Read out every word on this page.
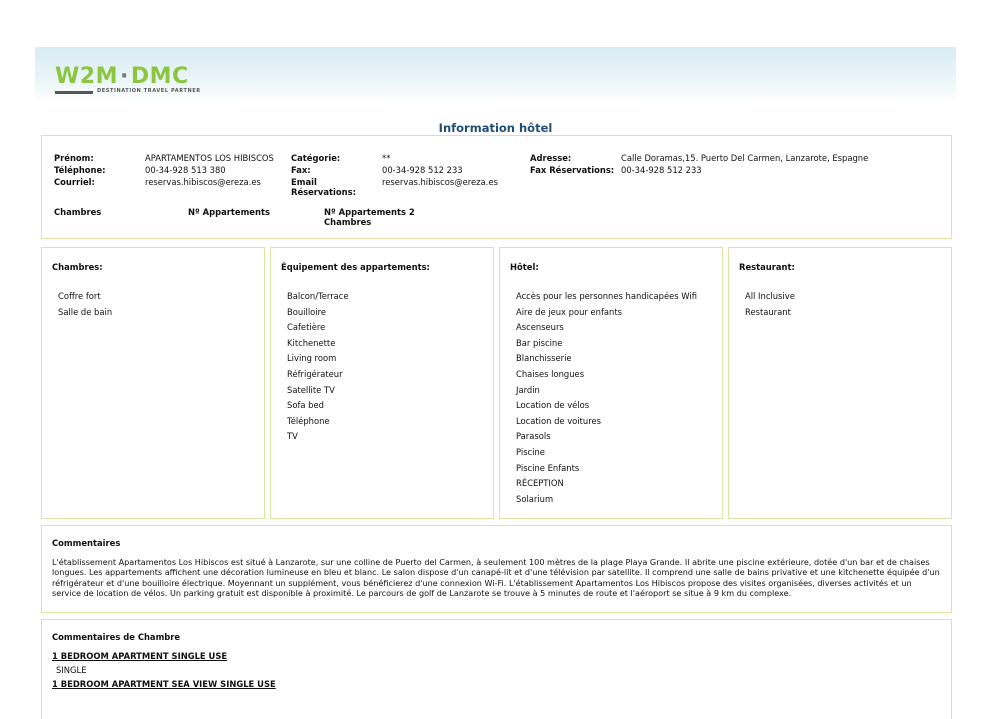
W2M·DMC
DESTINATION TRAVEL PARTNER
Information hôtel
Prénom:	APARTAMENTOS LOS HIBISCOS
Téléphone:	00-34-928 513 380
Courriel:	reservas.hibiscos@ereza.es
Catégorie:	**
Fax:	00-34-928 512 233
Email
Réservations:
reservas.hibiscos@ereza.es
Adresse:	Calle Doramas,15. Puerto Del Carmen, Lanzarote, Espagne
Fax Réservations: 00-34-928 512 233
Chambres	Nº Appartements	Nº Appartements 2
Chambres
Chambres:
Coffre fort
Salle de bain
Équipement des appartements:
Balcon/Terrace
Bouilloire
Cafetière
Kitchenette
Living room
Réfrigérateur
Satellite TV
Sofa bed
Téléphone
TV
Hôtel:
Accès pour les personnes handicapées Wifi
Aire de jeux pour enfants
Ascenseurs
Bar piscine
Blanchisserie
Chaises longues
Jardin
Location de vélos
Location de voitures
Parasols
Piscine
Piscine Enfants
RÉCEPTION
Solarium
Restaurant:
All Inclusive
Restaurant
Commentaires
L'établissement Apartamentos Los Hibiscos est situé à Lanzarote, sur une colline de Puerto del Carmen, à seulement 100 mètres de la plage Playa Grande. Il abrite une piscine extérieure, dotée d'un bar et de chaises longues. Les appartements affichent une décoration lumineuse en bleu et blanc. Le salon dispose d'un canapé-lit et d'une télévision par satellite. Il comprend une salle de bains privative et une kitchenette équipée d'un réfrigérateur et d'une bouilloire électrique. Moyennant un supplément, vous bénéficierez d'une connexion Wi-Fi. L'établissement Apartamentos Los Hibiscos propose des visites organisées, diverses activités et un service de location de vélos. Un parking gratuit est disponible à proximité. Le parcours de golf de Lanzarote se trouve à 5 minutes de route et l'aéroport se situe à 9 km du complexe.
Commentaires de Chambre
1 BEDROOM APARTMENT SINGLE USE
SINGLE
1 BEDROOM APARTMENT SEA VIEW SINGLE USE
